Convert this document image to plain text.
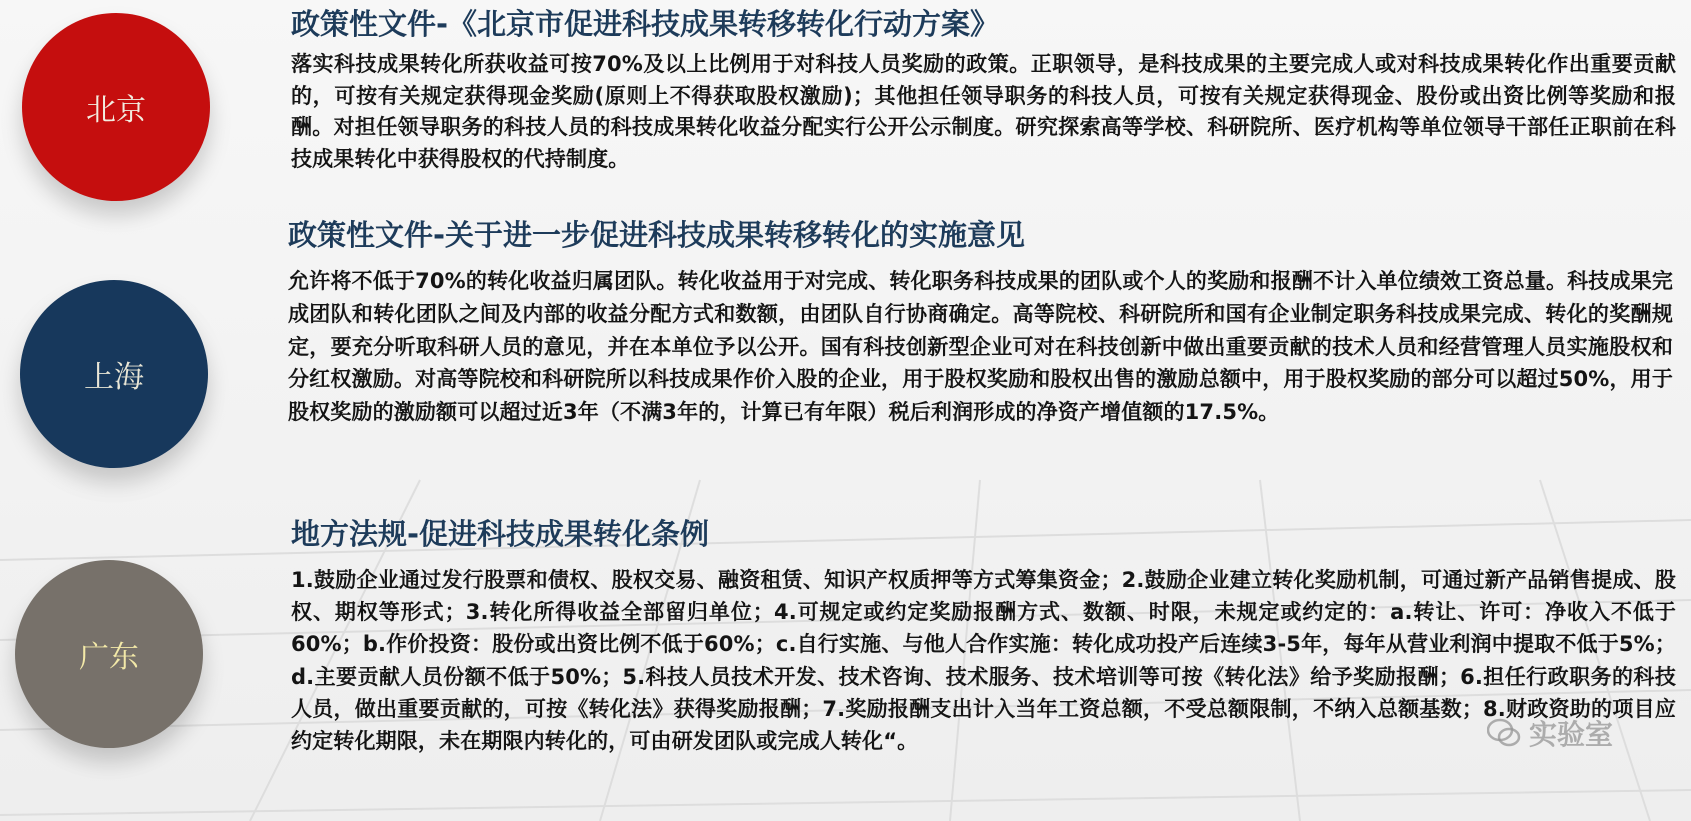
北京
上海
广东
政策性文件-《北京市促进科技成果转移转化行动方案》
落实科技成果转化所获收益可按70%及以上比例用于对科技人员奖励的政策。正职领导，是科技成果的主要完成人或对科技成果转化作出重要贡献的，可按有关规定获得现金奖励(原则上不得获取股权激励)；其他担任领导职务的科技人员，可按有关规定获得现金、股份或出资比例等奖励和报酬。对担任领导职务的科技人员的科技成果转化收益分配实行公开公示制度。研究探索高等学校、科研院所、医疗机构等单位领导干部任正职前在科技成果转化中获得股权的代持制度。
政策性文件-关于进一步促进科技成果转移转化的实施意见
允许将不低于70%的转化收益归属团队。转化收益用于对完成、转化职务科技成果的团队或个人的奖励和报酬不计入单位绩效工资总量。科技成果完成团队和转化团队之间及内部的收益分配方式和数额，由团队自行协商确定。高等院校、科研院所和国有企业制定职务科技成果完成、转化的奖酬规定，要充分听取科研人员的意见，并在本单位予以公开。国有科技创新型企业可对在科技创新中做出重要贡献的技术人员和经营管理人员实施股权和分红权激励。对高等院校和科研院所以科技成果作价入股的企业，用于股权奖励和股权出售的激励总额中，用于股权奖励的部分可以超过50%，用于股权奖励的激励额可以超过近3年（不满3年的，计算已有年限）税后利润形成的净资产增值额的17.5%。
地方法规-促进科技成果转化条例
1.鼓励企业通过发行股票和债权、股权交易、融资租赁、知识产权质押等方式筹集资金；2.鼓励企业建立转化奖励机制，可通过新产品销售提成、股权、期权等形式；3.转化所得收益全部留归单位；4.可规定或约定奖励报酬方式、数额、时限，未规定或约定的：a.转让、许可：净收入不低于60%；b.作价投资：股份或出资比例不低于60%；c.自行实施、与他人合作实施：转化成功投产后连续3-5年，每年从营业利润中提取不低于5%；d.主要贡献人员份额不低于50%；5.科技人员技术开发、技术咨询、技术服务、技术培训等可按《转化法》给予奖励报酬；6.担任行政职务的科技人员，做出重要贡献的，可按《转化法》获得奖励报酬；7.奖励报酬支出计入当年工资总额，不受总额限制，不纳入总额基数；8.财政资助的项目应约定转化期限，未在期限内转化的，可由研发团队或完成人转化“。	实验室
